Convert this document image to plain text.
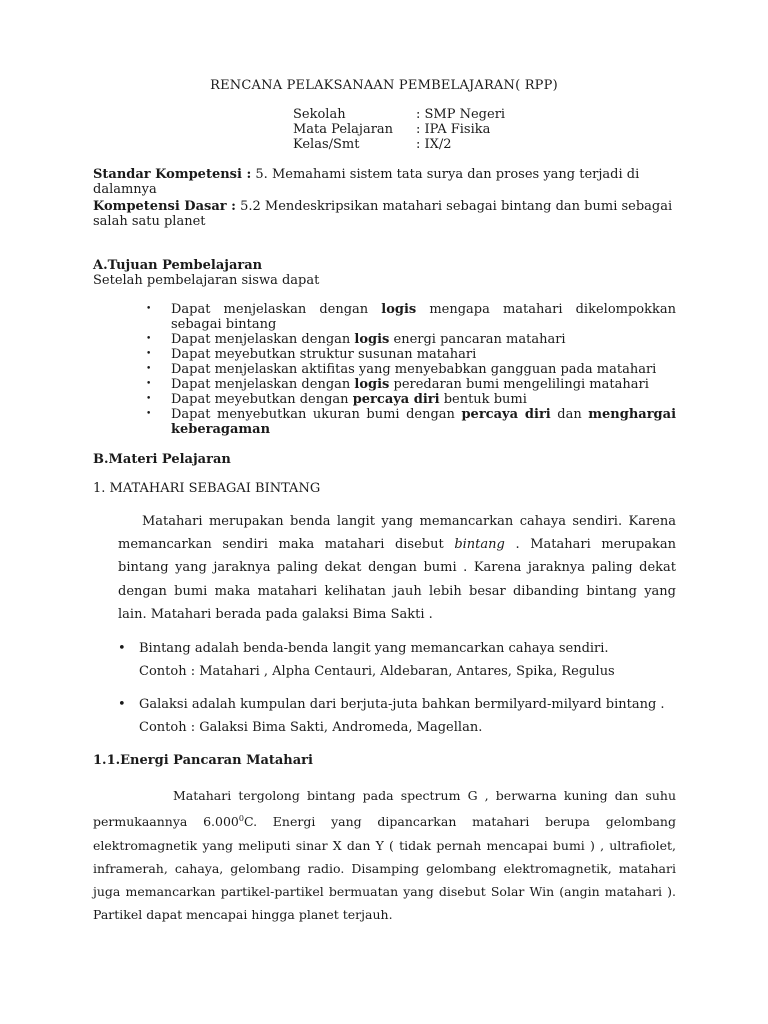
RENCANA PELAKSANAAN PEMBELAJARAN( RPP)
Sekolah	: SMP Negeri
Mata Pelajaran	: IPA Fisika
Kelas/Smt	: IX/2
Standar Kompetensi : 5. Memahami sistem tata surya dan proses yang terjadi di dalamnya
Kompetensi Dasar : 5.2 Mendeskripsikan matahari sebagai bintang dan bumi sebagai salah satu planet
A.Tujuan Pembelajaran
Setelah pembelajaran siswa dapat
• Dapat menjelaskan dengan logis mengapa matahari dikelompokkan sebagai bintang
• Dapat menjelaskan dengan logis energi pancaran matahari
• Dapat meyebutkan struktur susunan matahari
• Dapat menjelaskan aktifitas yang menyebabkan gangguan pada matahari
• Dapat menjelaskan dengan logis peredaran bumi mengelilingi matahari
• Dapat meyebutkan dengan percaya diri bentuk bumi
• Dapat menyebutkan ukuran bumi dengan percaya diri dan menghargai keberagaman
B.Materi Pelajaran
1. MATAHARI SEBAGAI BINTANG
Matahari merupakan benda langit yang memancarkan cahaya sendiri. Karena memancarkan sendiri maka matahari disebut bintang . Matahari merupakan bintang yang jaraknya paling dekat dengan bumi . Karena jaraknya paling dekat dengan bumi maka matahari kelihatan jauh lebih besar dibanding bintang yang lain. Matahari berada pada galaksi Bima Sakti .
•	Bintang adalah benda-benda langit yang memancarkan cahaya sendiri.
Contoh : Matahari , Alpha Centauri, Aldebaran, Antares, Spika, Regulus
•	Galaksi adalah kumpulan dari berjuta-juta bahkan bermilyard-milyard bintang .
Contoh : Galaksi Bima Sakti, Andromeda, Magellan.
1.1.Energi Pancaran Matahari
Matahari tergolong bintang pada spectrum G , berwarna kuning dan suhu permukaannya 6.000$^0$C. Energi yang dipancarkan matahari berupa gelombang elektromagnetik yang meliputi sinar X dan Y ( tidak pernah mencapai bumi ) , ultrafiolet, inframerah, cahaya, gelombang radio. Disamping gelombang elektromagnetik, matahari juga memancarkan partikel-partikel bermuatan yang disebut Solar Win (angin matahari ). Partikel dapat mencapai hingga planet terjauh.
